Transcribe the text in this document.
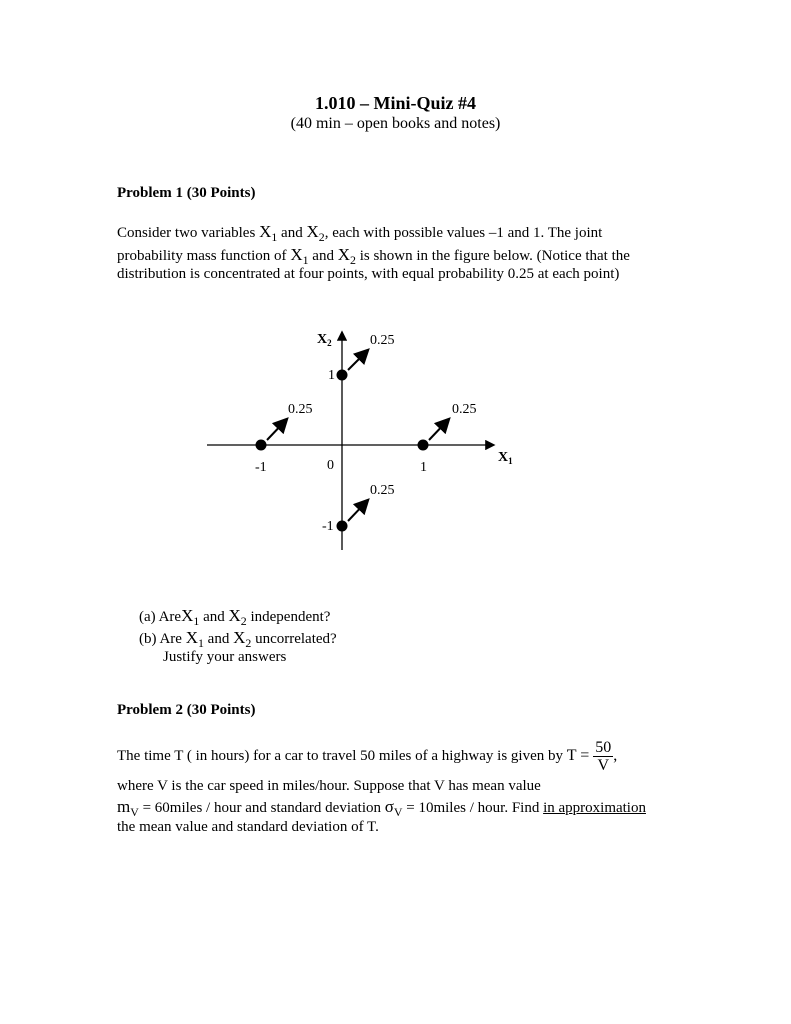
1.010 – Mini-Quiz #4
(40 min – open books and notes)
Problem 1 (30 Points)
Consider two variables $X_1$ and $X_2$, each with possible values –1 and 1. The joint
probability mass function of $X_1$ and $X_2$ is shown in the figure below. (Notice that the
distribution is concentrated at four points, with equal probability 0.25 at each point)
$X_1$
$X_2$
0
-1	1
1
-1
0.25
0.25	0.25
0.25
(a) AreX$_1$ and $X_2$ independent?
(b) Are $X_1$ and $X_2$ uncorrelated?
Justify your answers
Problem 2 (30 Points)
The time T ( in hours) for a car to travel 50 miles of a highway is given by $T = \frac{50}{V}$ ,
where V is the car speed in miles/hour. Suppose that V has mean value
$m_V$ = 60miles / hour and standard deviation $\sigma_V$ = 10miles / hour. Find in approximation
the mean value and standard deviation of T.
